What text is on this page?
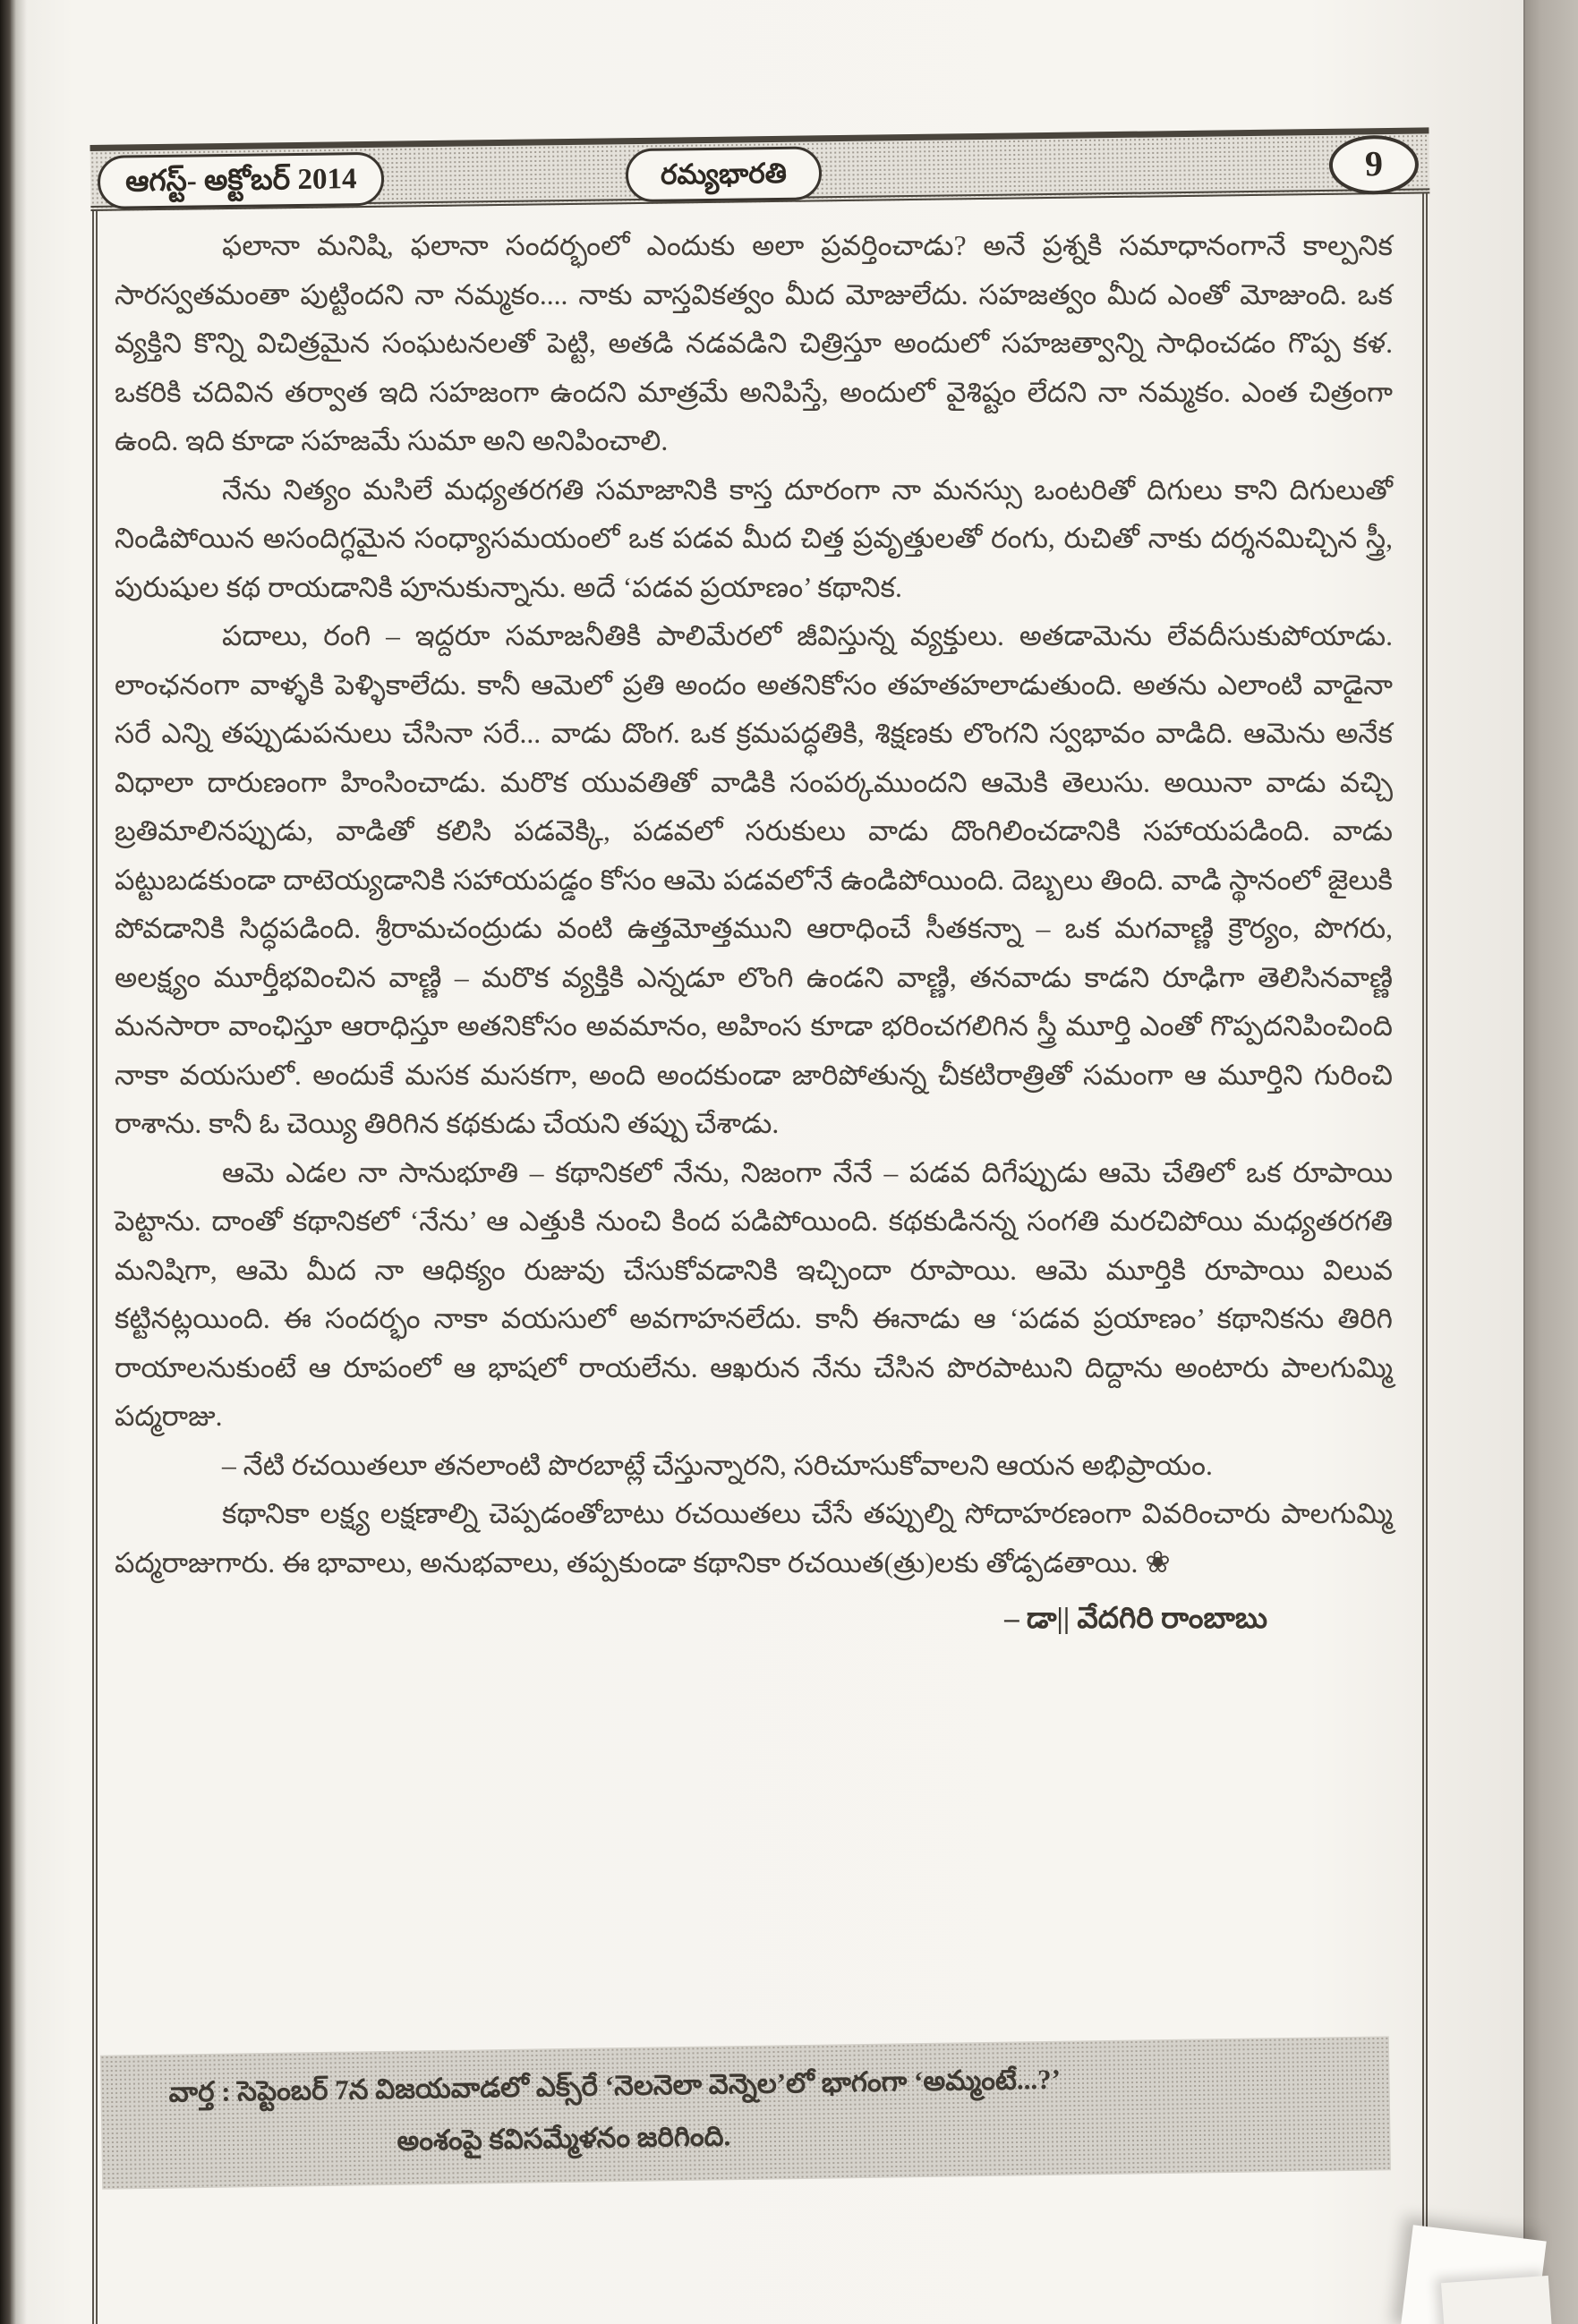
ఆగస్ట్- అక్టోబర్ 2014	రమ్యభారతి	9

ఫలానా మనిషి, ఫలానా సందర్భంలో ఎందుకు అలా ప్రవర్తించాడు? అనే ప్రశ్నకి సమాధానంగానే కాల్పనిక సారస్వతమంతా పుట్టిందని నా నమ్మకం.... నాకు వాస్తవికత్వం మీద మోజులేదు. సహజత్వం మీద ఎంతో మోజుంది. ఒక వ్యక్తిని కొన్ని విచిత్రమైన సంఘటనలతో పెట్టి, అతడి నడవడిని చిత్రిస్తూ అందులో సహజత్వాన్ని సాధించడం గొప్ప కళ. ఒకరికి చదివిన తర్వాత ఇది సహజంగా ఉందని మాత్రమే అనిపిస్తే, అందులో వైశిష్టం లేదని నా నమ్మకం. ఎంత చిత్రంగా ఉంది. ఇది కూడా సహజమే సుమా అని అనిపించాలి.

నేను నిత్యం మసిలే మధ్యతరగతి సమాజానికి కాస్త దూరంగా నా మనస్సు ఒంటరితో దిగులు కాని దిగులుతో నిండిపోయిన అసందిగ్ధమైన సంధ్యాసమయంలో ఒక పడవ మీద చిత్త ప్రవృత్తులతో రంగు, రుచితో నాకు దర్శనమిచ్చిన స్త్రీ, పురుషుల కథ రాయడానికి పూనుకున్నాను. అదే ‘పడవ ప్రయాణం’ కథానిక.

పదాలు, రంగి – ఇద్దరూ సమాజనీతికి పాలిమేరలో జీవిస్తున్న వ్యక్తులు. అతడామెను లేవదీసుకుపోయాడు. లాంఛనంగా వాళ్ళకి పెళ్ళికాలేదు. కానీ ఆమెలో ప్రతి అందం అతనికోసం తహతహలాడుతుంది. అతను ఎలాంటి వాడైనా సరే ఎన్ని తప్పుడుపనులు చేసినా సరే... వాడు దొంగ. ఒక క్రమపద్ధతికి, శిక్షణకు లొంగని స్వభావం వాడిది. ఆమెను అనేక విధాలా దారుణంగా హింసించాడు. మరొక యువతితో వాడికి సంపర్కముందని ఆమెకి తెలుసు. అయినా వాడు వచ్చి బ్రతిమాలినప్పుడు, వాడితో కలిసి పడవెక్కి, పడవలో సరుకులు వాడు దొంగిలించడానికి సహాయపడింది. వాడు పట్టుబడకుండా దాటెయ్యడానికి సహాయపడ్డం కోసం ఆమె పడవలోనే ఉండిపోయింది. దెబ్బలు తింది. వాడి స్థానంలో జైలుకి పోవడానికి సిద్ధపడింది. శ్రీరామచంద్రుడు వంటి ఉత్తమోత్తముని ఆరాధించే సీతకన్నా – ఒక మగవాణ్ణి క్రౌర్యం, పొగరు, అలక్ష్యం మూర్తీభవించిన వాణ్ణి – మరొక వ్యక్తికి ఎన్నడూ లొంగి ఉండని వాణ్ణి, తనవాడు కాడని రూఢిగా తెలిసినవాణ్ణి మనసారా వాంఛిస్తూ ఆరాధిస్తూ అతనికోసం అవమానం, అహింస కూడా భరించగలిగిన స్త్రీ మూర్తి ఎంతో గొప్పదనిపించింది నాకా వయసులో. అందుకే మసక మసకగా, అంది అందకుండా జారిపోతున్న చీకటిరాత్రితో సమంగా ఆ మూర్తిని గురించి రాశాను. కానీ ఓ చెయ్యి తిరిగిన కథకుడు చేయని తప్పు చేశాడు.

ఆమె ఎడల నా సానుభూతి – కథానికలో నేను, నిజంగా నేనే – పడవ దిగేప్పుడు ఆమె చేతిలో ఒక రూపాయి పెట్టాను. దాంతో కథానికలో ‘నేను’ ఆ ఎత్తుకి నుంచి కింద పడిపోయింది. కథకుడినన్న సంగతి మరచిపోయి మధ్యతరగతి మనిషిగా, ఆమె మీద నా ఆధిక్యం రుజువు చేసుకోవడానికి ఇచ్చిందా రూపాయి. ఆమె మూర్తికి రూపాయి విలువ కట్టినట్లయింది. ఈ సందర్భం నాకా వయసులో అవగాహనలేదు. కానీ ఈనాడు ఆ ‘పడవ ప్రయాణం’ కథానికను తిరిగి రాయాలనుకుంటే ఆ రూపంలో ఆ భాషలో రాయలేను. ఆఖరున నేను చేసిన పొరపాటుని దిద్దాను అంటారు పాలగుమ్మి పద్మరాజు.

– నేటి రచయితలూ తనలాంటి పొరబాట్లే చేస్తున్నారని, సరిచూసుకోవాలని ఆయన అభిప్రాయం.

కథానికా లక్ష్య లక్షణాల్ని చెప్పడంతోబాటు రచయితలు చేసే తప్పుల్ని సోదాహరణంగా వివరించారు పాలగుమ్మి పద్మరాజుగారు. ఈ భావాలు, అనుభవాలు, తప్పకుండా కథానికా రచయిత(త్రు)లకు తోడ్పడతాయి. ❀

– డా|| వేదగిరి రాంబాబు
వార్త : సెప్టెంబర్ 7న విజయవాడలో ఎక్స్‌రే ‘నెలనెలా వెన్నెల’లో భాగంగా ‘అమ్మంటే...?’
అంశంపై కవిసమ్మేళనం జరిగింది.
